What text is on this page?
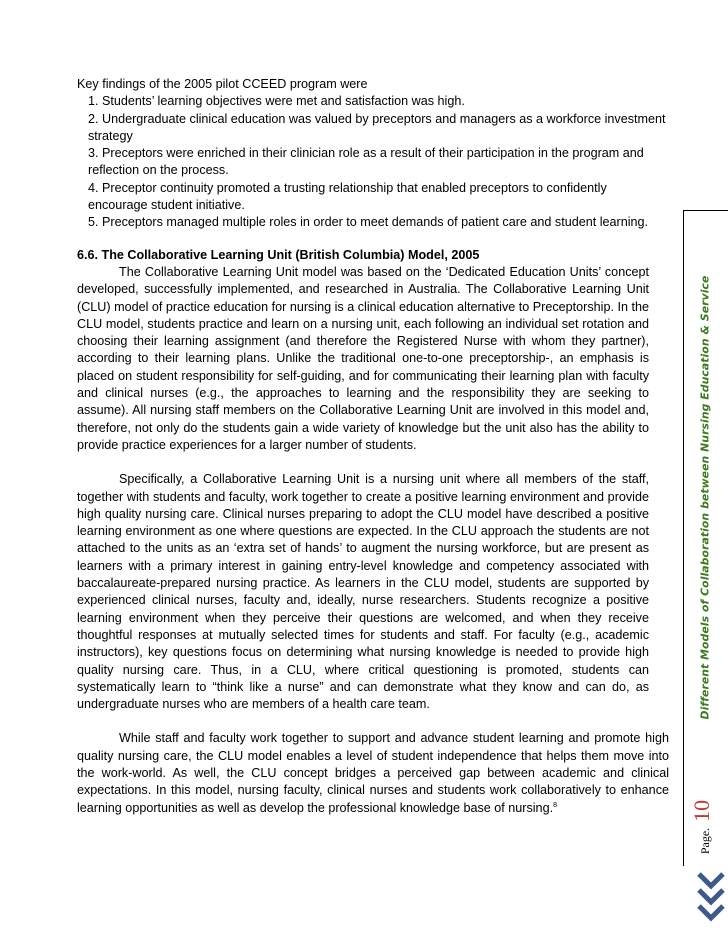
Key findings of the 2005 pilot CCEED program were

1. Students’ learning objectives were met and satisfaction was high.

2. Undergraduate clinical education was valued by preceptors and managers as a workforce investment strategy

3. Preceptors were enriched in their clinician role as a result of their participation in the program and reflection on the process.

4. Preceptor continuity promoted a trusting relationship that enabled preceptors to confidently encourage student initiative.

5. Preceptors managed multiple roles in order to meet demands of patient care and student learning.

6.6. The Collaborative Learning Unit (British Columbia) Model, 2005

The Collaborative Learning Unit model was based on the ‘Dedicated Education Units’ concept developed, successfully implemented, and researched in Australia. The Collaborative Learning Unit (CLU) model of practice education for nursing is a clinical education alternative to Preceptorship. In the CLU model, students practice and learn on a nursing unit, each following an individual set rotation and choosing their learning assignment (and therefore the Registered Nurse with whom they partner), according to their learning plans. Unlike the traditional one-to-one preceptorship-, an emphasis is placed on student responsibility for self-guiding, and for communicating their learning plan with faculty and clinical nurses (e.g., the approaches to learning and the responsibility they are seeking to assume). All nursing staff members on the Collaborative Learning Unit are involved in this model and, therefore, not only do the students gain a wide variety of knowledge but the unit also has the ability to provide practice experiences for a larger number of students.

Specifically, a Collaborative Learning Unit is a nursing unit where all members of the staff, together with students and faculty, work together to create a positive learning environment and provide high quality nursing care. Clinical nurses preparing to adopt the CLU model have described a positive learning environment as one where questions are expected. In the CLU approach the students are not attached to the units as an ‘extra set of hands’ to augment the nursing workforce, but are present as learners with a primary interest in gaining entry-level knowledge and competency associated with baccalaureate-prepared nursing practice. As learners in the CLU model, students are supported by experienced clinical nurses, faculty and, ideally, nurse researchers. Students recognize a positive learning environment when they perceive their questions are welcomed, and when they receive thoughtful responses at mutually selected times for students and staff. For faculty (e.g., academic instructors), key questions focus on determining what nursing knowledge is needed to provide high quality nursing care. Thus, in a CLU, where critical questioning is promoted, students can systematically learn to “think like a nurse” and can demonstrate what they know and can do, as undergraduate nurses who are members of a health care team.

While staff and faculty work together to support and advance student learning and promote high quality nursing care, the CLU model enables a level of student independence that helps them move into the work-world. As well, the CLU concept bridges a perceived gap between academic and clinical expectations. In this model, nursing faculty, clinical nurses and students work collaboratively to enhance learning opportunities as well as develop the professional knowledge base of nursing.$^8$

Different Models of Collaboration between Nursing Education & Service
Page. 10
